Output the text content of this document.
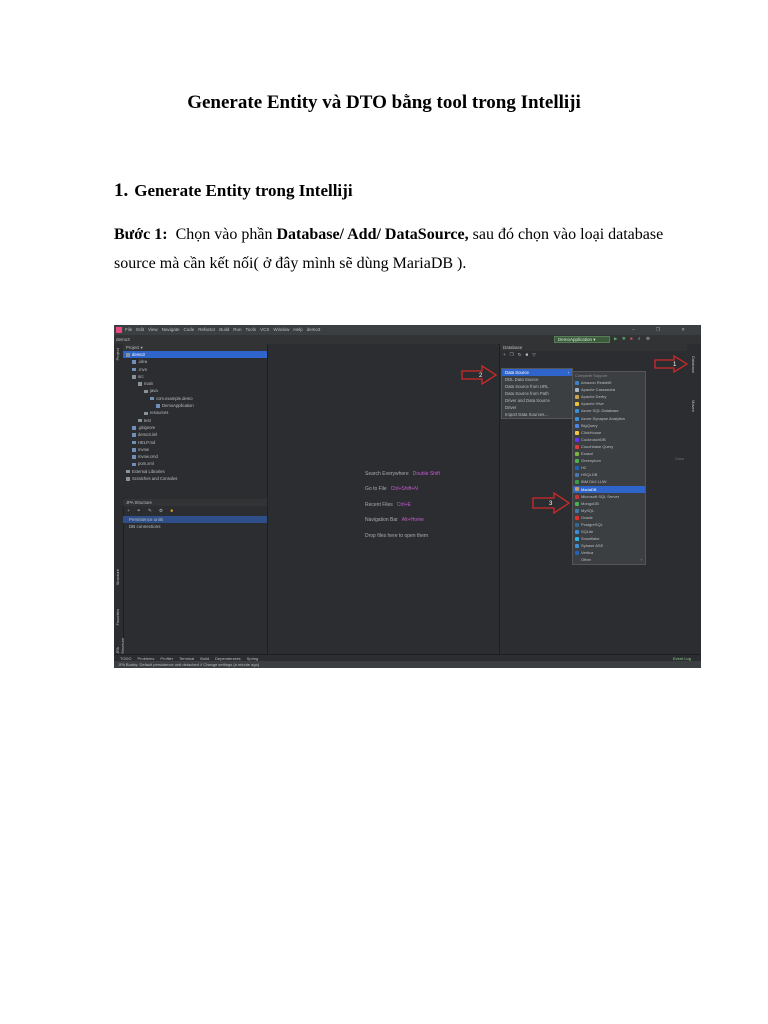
Generate Entity và DTO bằng tool trong Intelliji
1. Generate Entity trong Intelliji
Bước 1: Chọn vào phần Database/ Add/ DataSource, sau đó chọn vào loại database source mà cần kết nối( ở đây mình sẽ dùng MariaDB ).
File Edit View Navigate Code Refactor Build Run Tools VCS Window Help demo3	– ❐ ✕
demo3	DemoApplication ▾	▶ ✱ ■ ⌕ ⚙
Project
Structure
Favorites
JPA Structure
Project ▾
demo3
.idea
.mvn
src
main
java
com.example.demo
DemoApplication
resources
test
.gitignore
demo3.iml
HELP.md
mvnw
mvnw.cmd
pom.xml
External Libraries
Scratches and Consoles
JPA Structure
+ ⚭ ✎ ⚙ ■
Persistence units
DB connections
Search Everywhere Double Shift
Go to File Ctrl+Shift+N
Recent Files Ctrl+E
Navigation Bar Alt+Home
Drop files here to open them
Database
+❐↻■▽
Data Source	›
DDL Data Source
Data Source from URL
Data Source from Path
Driver and Data Source
Driver
Import Data Sources...
Complete Support
Amazon Redshift
Apache Cassandra
Apache Derby
Apache Hive
Azure SQL Database
Azure Synapse Analytics
BigQuery
ClickHouse
CockroachDB
Couchbase Query
Exasol
Greenplum
H2
HSQLDB
IBM Db2 LUW
MariaDB
Microsoft SQL Server
MongoDB
MySQL
Oracle
PostgreSQL
SQLite
Snowflake
Sybase ASE
Vertica
Other	›
Crea
Database
Maven
TODO Problems Profiler Terminal Build Dependencies Spring	Event Log
JPA Buddy: Default persistence unit detached // Change settings (a minute ago)
1
2
3
